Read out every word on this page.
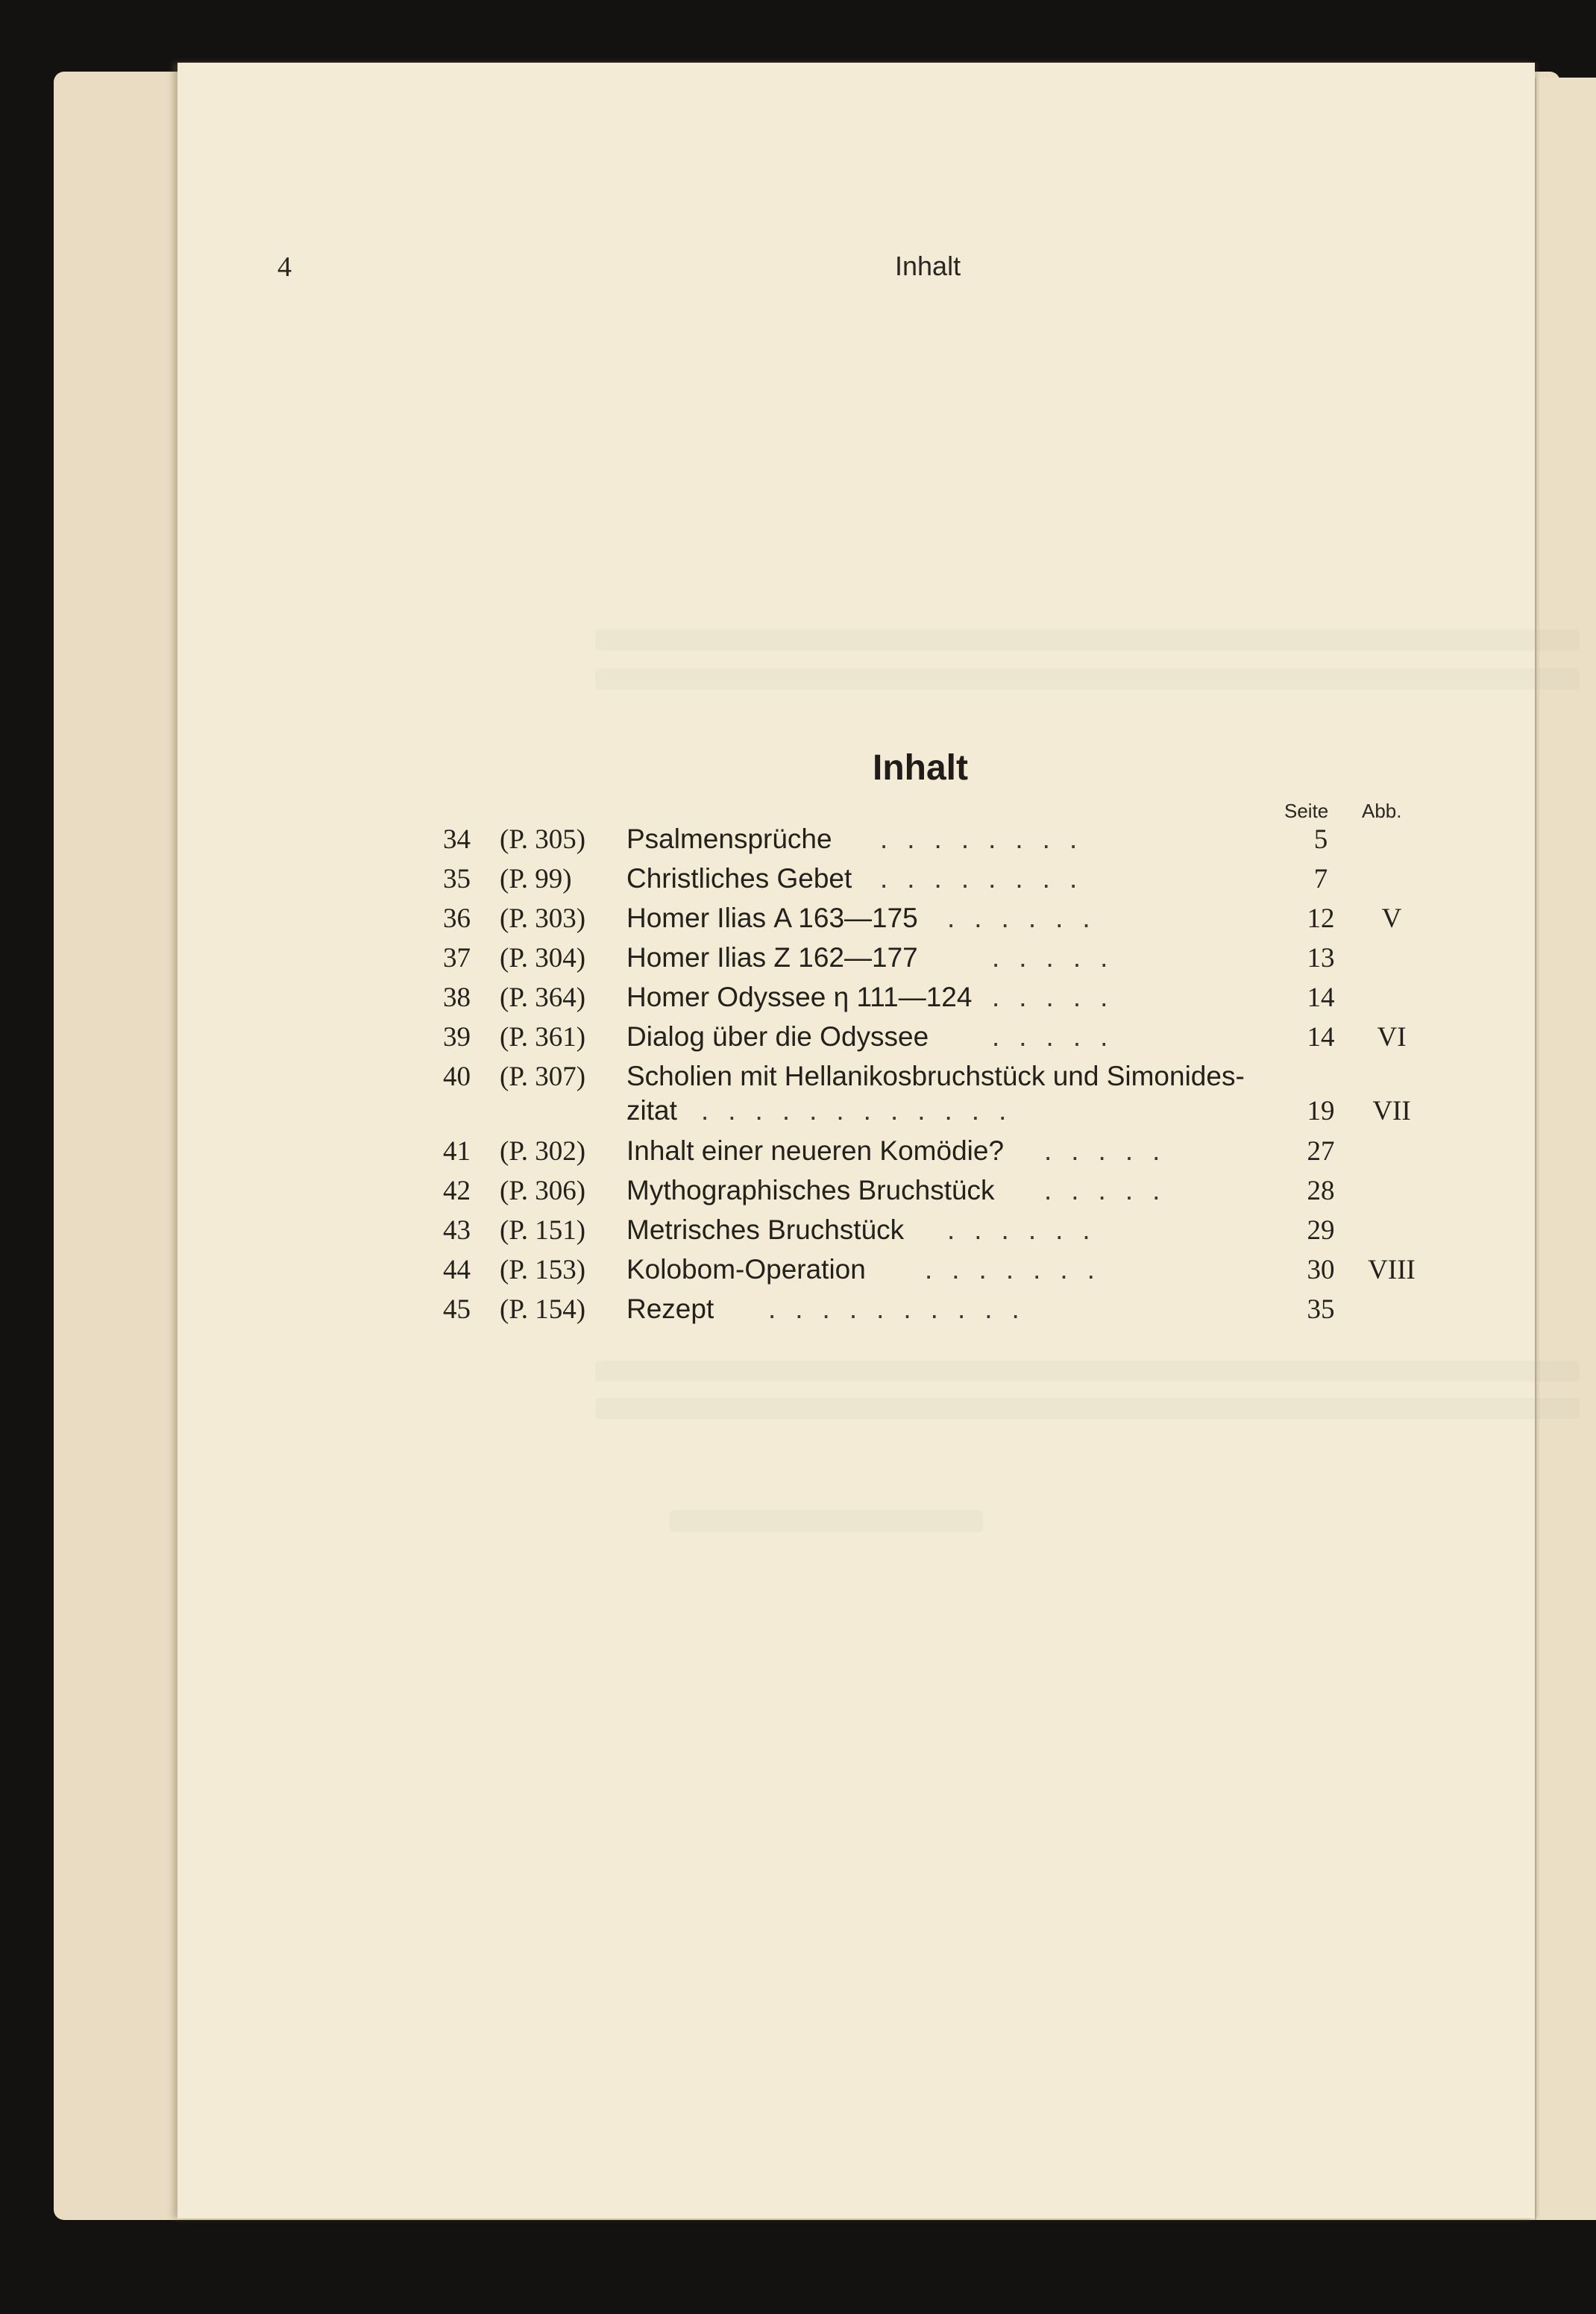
4	Inhalt
Inhalt
Seite Abb.
34 (P. 305) Psalmensprüche ........	5
35 (P. 99) Christliches Gebet ........	7
36 (P. 303) Homer Ilias Α 163—175 ......	12	V
37 (P. 304) Homer Ilias Ζ 162—177	.....	13
38 (P. 364) Homer Odyssee η 111—124 .....	14
39 (P. 361) Dialog über die Odyssee .....	14	VI
40 (P. 307) Scholien mit Hellanikosbruchstück und Simonides-
zitat ............	19	VII
41 (P. 302) Inhalt einer neueren Komödie? .....	27
42 (P. 306) Mythographisches Bruchstück .....	28
43 (P. 151) Metrisches Bruchstück ......	29
44 (P. 153) Kolobom-Operation .......	30	VIII
45 (P. 154) Rezept ..........	35
